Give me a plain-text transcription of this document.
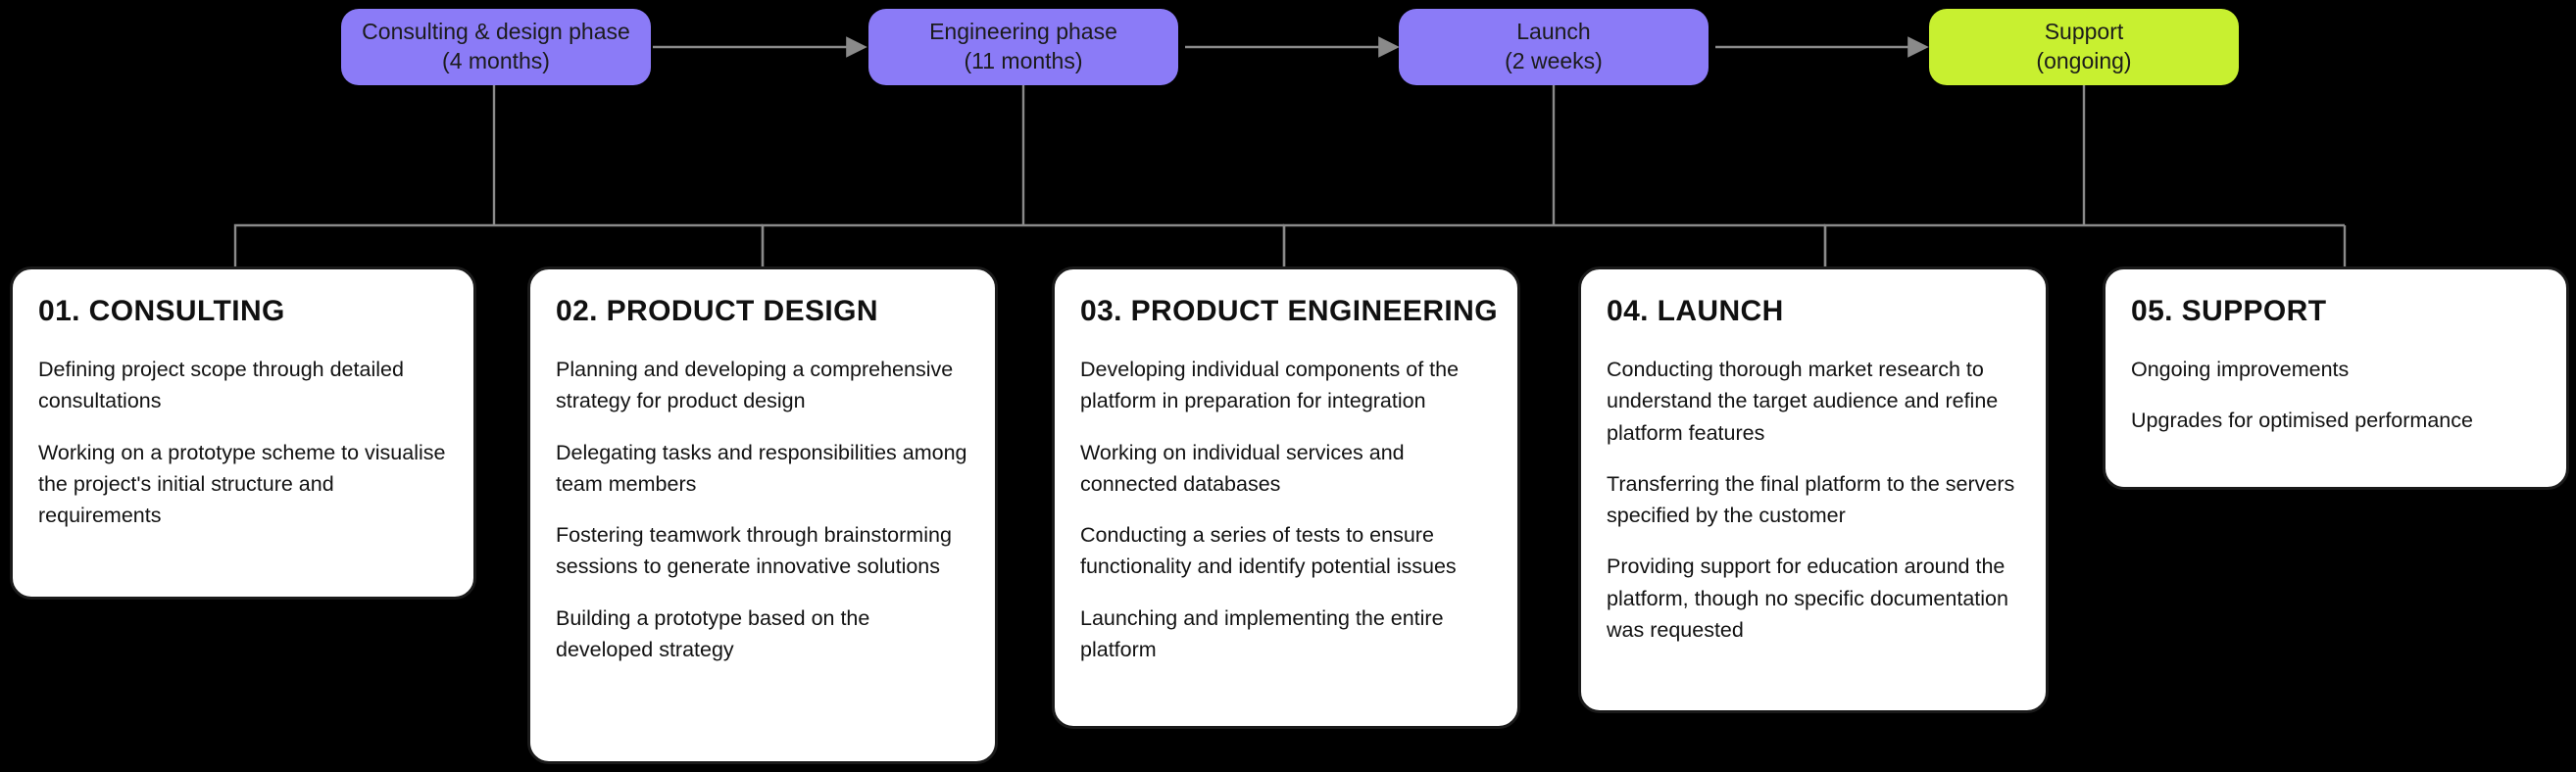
Consulting & design phase
(4 months)
Engineering phase
(11 months)
Launch
(2 weeks)
Support
(ongoing)
01. CONSULTING
Defining project scope through detailed consultations
Working on a prototype scheme to visualise the project's initial structure and requirements
02. PRODUCT DESIGN
Planning and developing a comprehensive strategy for product design
Delegating tasks and responsibilities among team members
Fostering teamwork through brainstorming sessions to generate innovative solutions
Building a prototype based on the developed strategy
03. PRODUCT ENGINEERING
Developing individual components of the platform in preparation for integration
Working on individual services and connected databases
Conducting a series of tests to ensure functionality and identify potential issues
Launching and implementing the entire platform
04. LAUNCH
Conducting thorough market research to understand the target audience and refine platform features
Transferring the final platform to the servers specified by the customer
Providing support for education around the platform, though no specific documentation was requested
05. SUPPORT
Ongoing improvements
Upgrades for optimised performance
